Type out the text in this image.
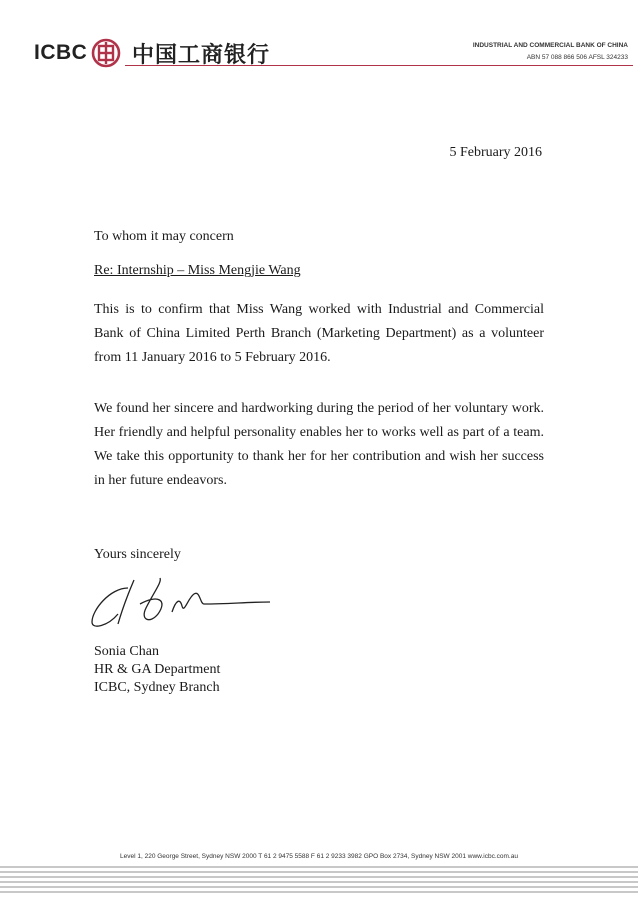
ICBC 中国工商银行	INDUSTRIAL AND COMMERCIAL BANK OF CHINA
ABN 57 088 866 506 AFSL 324233
5 February 2016
To whom it may concern
Re: Internship – Miss Mengjie Wang
This is to confirm that Miss Wang worked with Industrial and Commercial Bank of China Limited Perth Branch (Marketing Department) as a volunteer from 11 January 2016 to 5 February 2016.
We found her sincere and hardworking during the period of her voluntary work. Her friendly and helpful personality enables her to works well as part of a team. We take this opportunity to thank her for her contribution and wish her success in her future endeavors.
Yours sincerely
Sonia Chan
HR & GA Department
ICBC, Sydney Branch
Level 1, 220 George Street, Sydney NSW 2000 T 61 2 9475 5588 F 61 2 9233 3982 GPO Box 2734, Sydney NSW 2001 www.icbc.com.au
